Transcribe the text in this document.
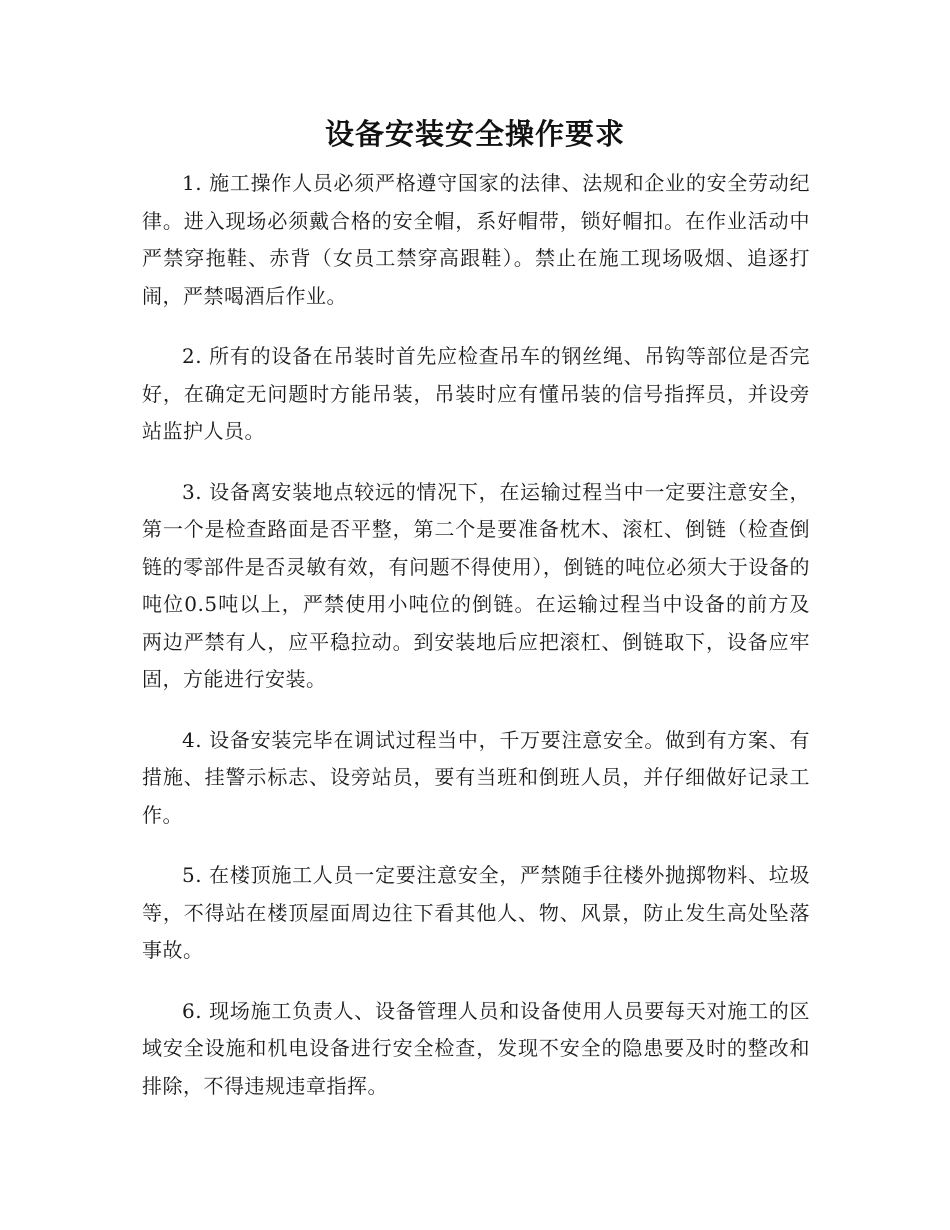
设备安装安全操作要求

1. 施工操作人员必须严格遵守国家的法律、法规和企业的安全劳动纪律。进入现场必须戴合格的安全帽，系好帽带，锁好帽扣。在作业活动中严禁穿拖鞋、赤背（女员工禁穿高跟鞋）。禁止在施工现场吸烟、追逐打闹，严禁喝酒后作业。

2. 所有的设备在吊装时首先应检查吊车的钢丝绳、吊钩等部位是否完好，在确定无问题时方能吊装，吊装时应有懂吊装的信号指挥员，并设旁站监护人员。

3. 设备离安装地点较远的情况下，在运输过程当中一定要注意安全，第一个是检查路面是否平整，第二个是要准备枕木、滚杠、倒链（检查倒链的零部件是否灵敏有效，有问题不得使用），倒链的吨位必须大于设备的吨位0.5吨以上，严禁使用小吨位的倒链。在运输过程当中设备的前方及两边严禁有人，应平稳拉动。到安装地后应把滚杠、倒链取下，设备应牢固，方能进行安装。

4. 设备安装完毕在调试过程当中，千万要注意安全。做到有方案、有措施、挂警示标志、设旁站员，要有当班和倒班人员，并仔细做好记录工作。

5. 在楼顶施工人员一定要注意安全，严禁随手往楼外抛掷物料、垃圾等，不得站在楼顶屋面周边往下看其他人、物、风景，防止发生高处坠落事故。

6. 现场施工负责人、设备管理人员和设备使用人员要每天对施工的区域安全设施和机电设备进行安全检查，发现不安全的隐患要及时的整改和排除，不得违规违章指挥。
